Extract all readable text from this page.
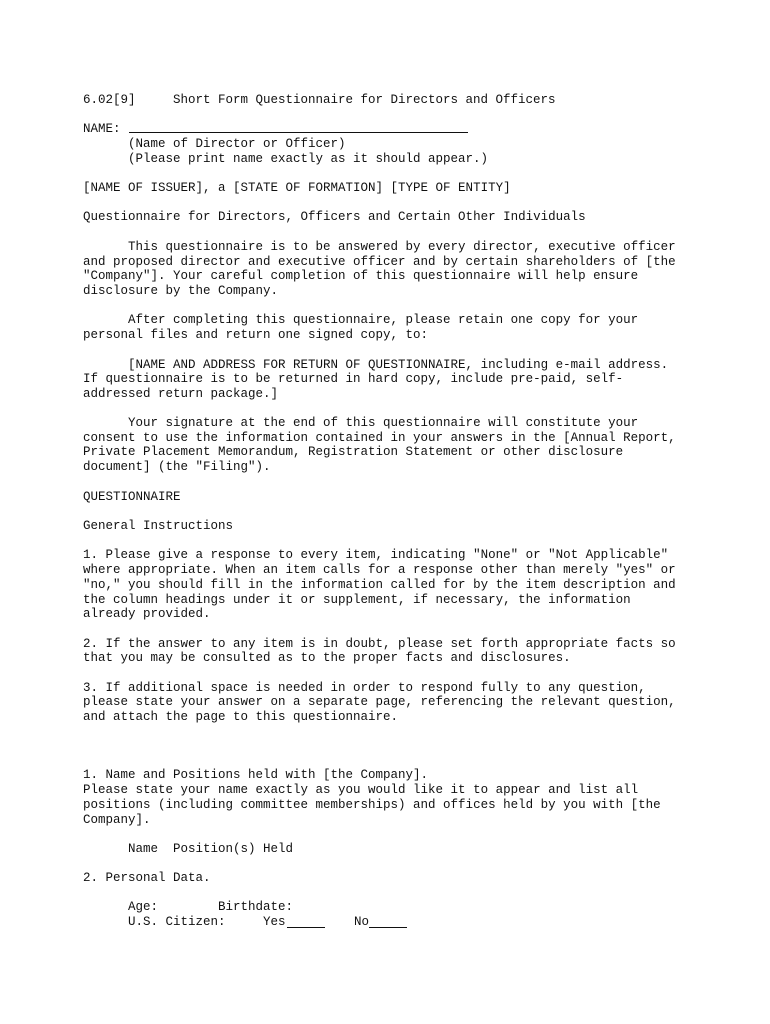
6.02[9]	Short Form Questionnaire for Directors and Officers
NAME:
(Name of Director or Officer)
(Please print name exactly as it should appear.)
[NAME OF ISSUER], a [STATE OF FORMATION] [TYPE OF ENTITY]
Questionnaire for Directors, Officers and Certain Other Individuals
This questionnaire is to be answered by every director, executive officer
and proposed director and executive officer and by certain shareholders of [the
"Company"]. Your careful completion of this questionnaire will help ensure
disclosure by the Company.
After completing this questionnaire, please retain one copy for your
personal files and return one signed copy, to:
[NAME AND ADDRESS FOR RETURN OF QUESTIONNAIRE, including e-mail address.
If questionnaire is to be returned in hard copy, include pre-paid, self-
addressed return package.]
Your signature at the end of this questionnaire will constitute your
consent to use the information contained in your answers in the [Annual Report,
Private Placement Memorandum, Registration Statement or other disclosure
document] (the "Filing").
QUESTIONNAIRE
General Instructions
1. Please give a response to every item, indicating "None" or "Not Applicable"
where appropriate. When an item calls for a response other than merely "yes" or
"no," you should fill in the information called for by the item description and
the column headings under it or supplement, if necessary, the information
already provided.
2. If the answer to any item is in doubt, please set forth appropriate facts so
that you may be consulted as to the proper facts and disclosures.
3. If additional space is needed in order to respond fully to any question,
please state your answer on a separate page, referencing the relevant question,
and attach the page to this questionnaire.
1. Name and Positions held with [the Company].
Please state your name exactly as you would like it to appear and list all
positions (including committee memberships) and offices held by you with [the
Company].
Name Position(s) Held
2. Personal Data.
Age:	Birthdate:
U.S. Citizen:	Yes	No
